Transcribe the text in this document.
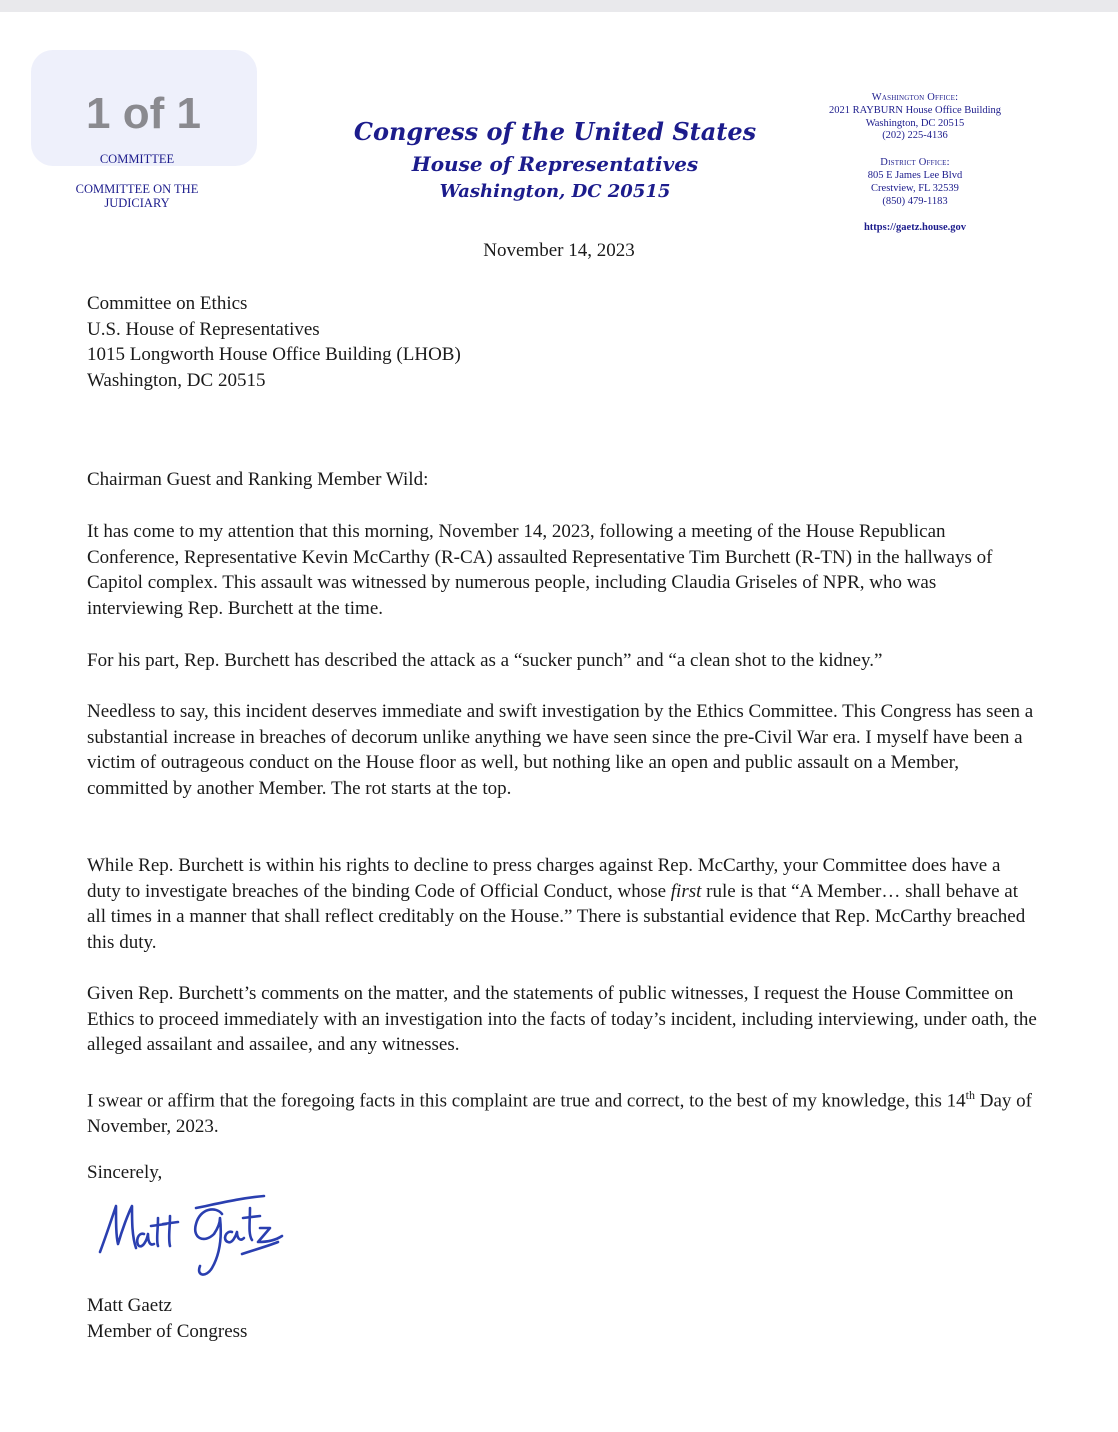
1 of 1
COMMITTEE
COMMITTEE ON THE
JUDICIARY
Congress of the United States
House of Representatives
Washington, DC 20515
Washington Office:
2021 RAYBURN House Office Building
Washington, DC 20515
(202) 225-4136
District Office:
805 E James Lee Blvd
Crestview, FL 32539
(850) 479-1183
https://gaetz.house.gov
November 14, 2023
Committee on Ethics
U.S. House of Representatives
1015 Longworth House Office Building (LHOB)
Washington, DC 20515
Chairman Guest and Ranking Member Wild:

It has come to my attention that this morning, November 14, 2023, following a meeting of the House Republican Conference, Representative Kevin McCarthy (R-CA) assaulted Representative Tim Burchett (R-TN) in the hallways of Capitol complex. This assault was witnessed by numerous people, including Claudia Griseles of NPR, who was interviewing Rep. Burchett at the time.

For his part, Rep. Burchett has described the attack as a “sucker punch” and “a clean shot to the kidney.”

Needless to say, this incident deserves immediate and swift investigation by the Ethics Committee. This Congress has seen a substantial increase in breaches of decorum unlike anything we have seen since the pre-Civil War era. I myself have been a victim of outrageous conduct on the House floor as well, but nothing like an open and public assault on a Member, committed by another Member. The rot starts at the top.

While Rep. Burchett is within his rights to decline to press charges against Rep. McCarthy, your Committee does have a duty to investigate breaches of the binding Code of Official Conduct, whose first rule is that “A Member… shall behave at all times in a manner that shall reflect creditably on the House.” There is substantial evidence that Rep. McCarthy breached this duty.

Given Rep. Burchett’s comments on the matter, and the statements of public witnesses, I request the House Committee on Ethics to proceed immediately with an investigation into the facts of today’s incident, including interviewing, under oath, the alleged assailant and assailee, and any witnesses.

I swear or affirm that the foregoing facts in this complaint are true and correct, to the best of my knowledge, this 14th Day of November, 2023.

Sincerely,
Matt Gaetz
Member of Congress
